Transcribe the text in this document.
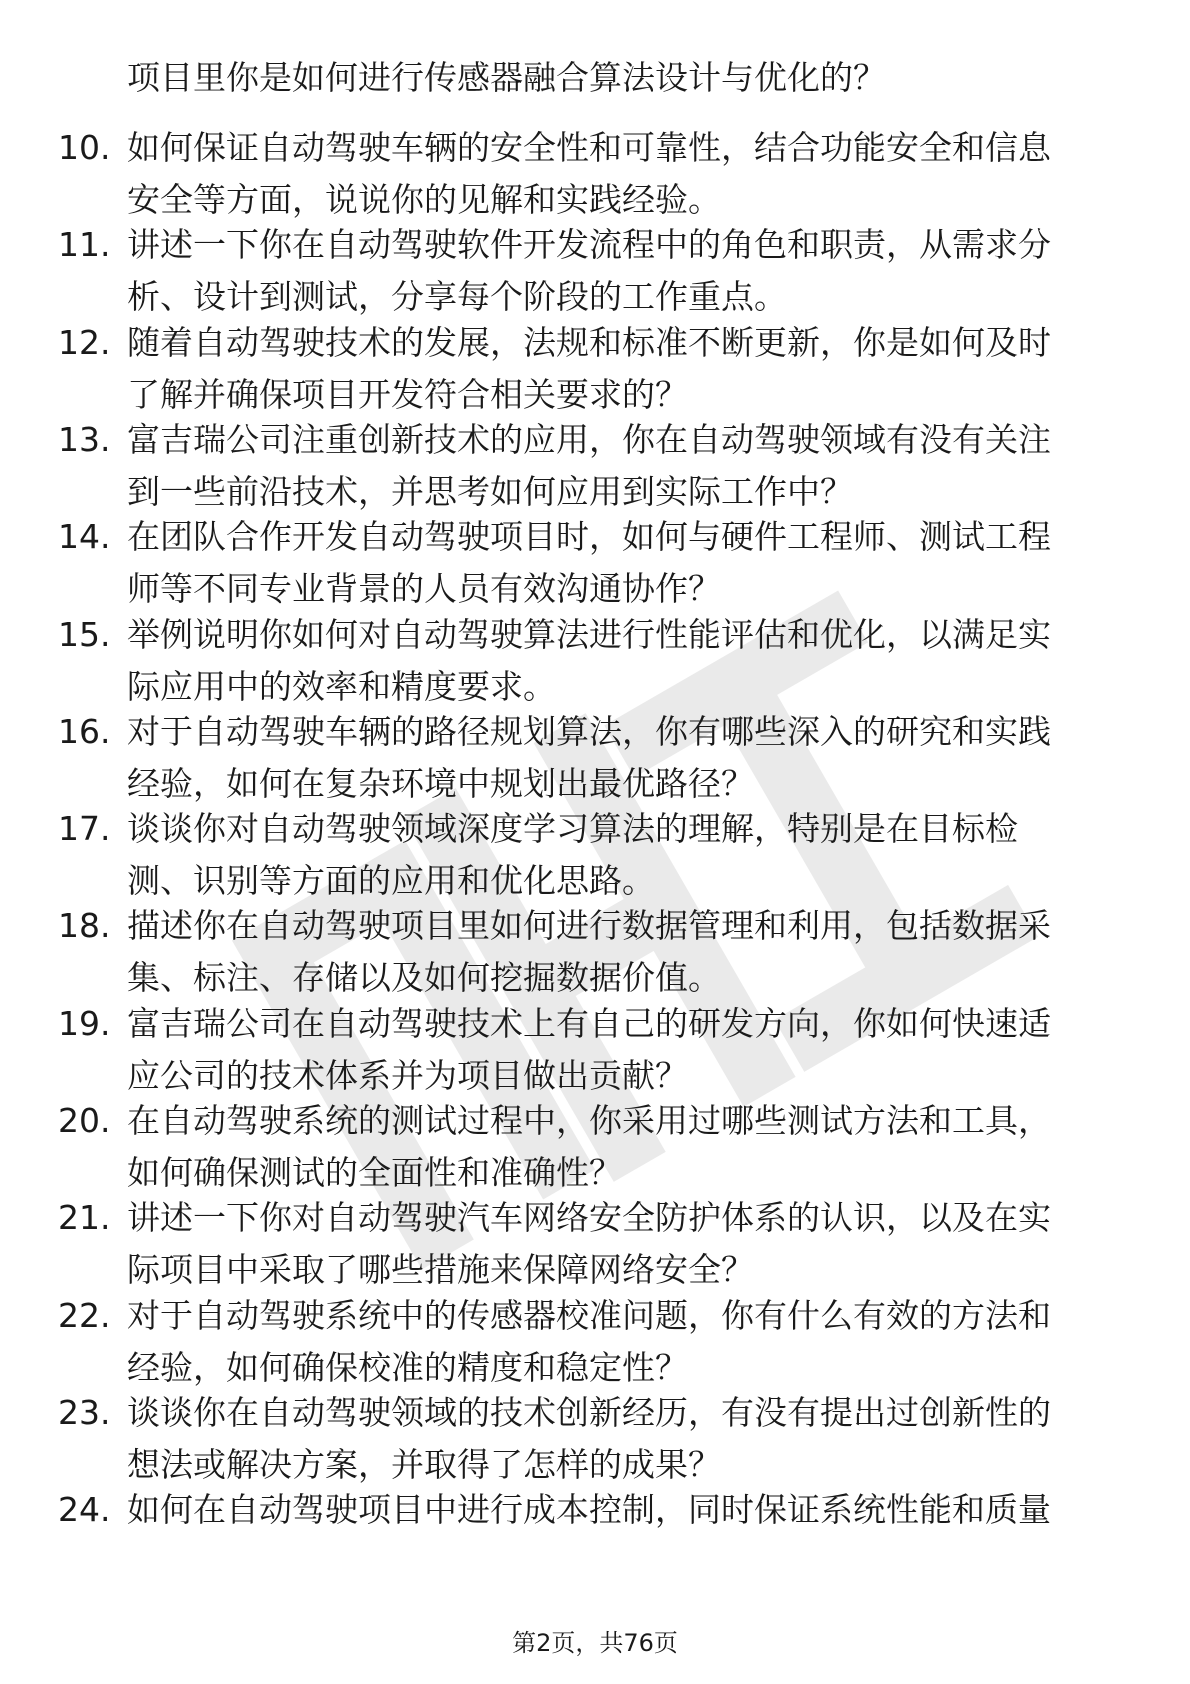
项目里你是如何进行传感器融合算法设计与优化的？
10. 如何保证自动驾驶车辆的安全性和可靠性，结合功能安全和信息
安全等方面，说说你的见解和实践经验。
11. 讲述一下你在自动驾驶软件开发流程中的角色和职责，从需求分
析、设计到测试，分享每个阶段的工作重点。
12. 随着自动驾驶技术的发展，法规和标准不断更新，你是如何及时
了解并确保项目开发符合相关要求的？
13. 富吉瑞公司注重创新技术的应用，你在自动驾驶领域有没有关注
到一些前沿技术，并思考如何应用到实际工作中？
14. 在团队合作开发自动驾驶项目时，如何与硬件工程师、测试工程
师等不同专业背景的人员有效沟通协作？
15. 举例说明你如何对自动驾驶算法进行性能评估和优化，以满足实
际应用中的效率和精度要求。
16. 对于自动驾驶车辆的路径规划算法，你有哪些深入的研究和实践
经验，如何在复杂环境中规划出最优路径？
17. 谈谈你对自动驾驶领域深度学习算法的理解，特别是在目标检
测、识别等方面的应用和优化思路。
18. 描述你在自动驾驶项目里如何进行数据管理和利用，包括数据采
集、标注、存储以及如何挖掘数据价值。
19. 富吉瑞公司在自动驾驶技术上有自己的研发方向，你如何快速适
应公司的技术体系并为项目做出贡献？
20. 在自动驾驶系统的测试过程中，你采用过哪些测试方法和工具，
如何确保测试的全面性和准确性？
21. 讲述一下你对自动驾驶汽车网络安全防护体系的认识，以及在实
际项目中采取了哪些措施来保障网络安全？
22. 对于自动驾驶系统中的传感器校准问题，你有什么有效的方法和
经验，如何确保校准的精度和稳定性？
23. 谈谈你在自动驾驶领域的技术创新经历，有没有提出过创新性的
想法或解决方案，并取得了怎样的成果？
24. 如何在自动驾驶项目中进行成本控制，同时保证系统性能和质量
第2页，共76页
